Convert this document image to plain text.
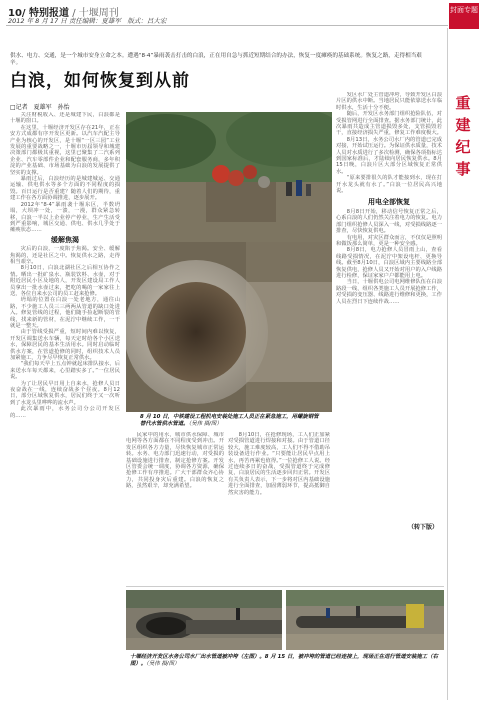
10/ 特别报道 / 十堰周刊
2012 年 8 月 17 日 责任编辑：夏雄军　版式：吕大宏
封面专题
供水、电力、交通，是一个城市安身立命之本。遭遇“8·4”暴雨袭击打击的白浪，正在用自急与抓近短期结合的办法，恢复一度瘫痪的基础系统。恢复之路，走得相当艰辛。
白浪，如何恢复到从前
重建纪事
□记者　夏雄军　孙怡

关注财税收入、还是城建下民，白浪都是十堰的窗口。

在这里，十堰经济开发区存在21年，正在安方式成都有序开发区更新。以汽车汽配主导产业为核心的开发区，是十堰“一区三园”工业发展的重要战略之一，十堰市历届领导和城建决策部门都极其重视，这里已聚集了二汽系列企业、汽车零部件企业和配套服务商，多年积淀的产业基础、市场基础为白浪的发展提供了坚实的支撑。

暴雨过后，白浪经历的是城建城运、交通运输、供电供水等多个方面的不同程度的损毁。百日运行是否重建？随着人们的期待，重建工作在各方面协调推进，逐步展开。

2012年“8·4”暴雨袭十堰东区，半数坍塌，大坝冲一处，一溃，一漫，群众紧急转移，白浪一半以上企业停产停业，生产生活受到严重影响，城区交通、供电、供水几乎处于瘫痪状态……

缓解焦渴

灾后的白浪，一度陷于焦渴。安全、缓解焦渴的，还是社区之中。恢复供水之路，走得相当艰辛。

8月10日，白浪北湖社区之后相互协作之情。晒出一批矿泉水、瓶装饮料、水壶，对于附近居民小区及地的人，开发区建设局工作人员拿出一批水壶过来，把吃的喝的一家家往上送，各位自来水公司的员工赶来抢修。

坍塌的位置在白浪一处老地方，通往山路，不少施工人员三三两两从管道的缺口处进入。修复管线的过程，他们随手捡起断裂的管线，找来新的管材，在泥泞中继续工作，一干就是一整天。

由于管线受损严重，短时间内难以恢复，开发区调集送水车辆，每天定时给各个小区送水，保障居民的基本生活用水。同时启动临时供水方案，在管道抢修的同时，组织技术人员加紧施工，力争尽早恢复正常供水。

“我们每天早上五点钟就起床排队接水，后来送水车每天都来，心里踏实多了。”一位居民说。

为了让居民早日用上自来水，抢修人员日夜奋战在一线，连续奋战多个昼夜。8月12日，部分区域恢复供水，居民们终于又一次听到了水龙头里哗哗的流水声。

此次暴雨中，水务公司分公司开发区的……	8 月 10 日，中铁建设工程机电安装处施工人员正在紧急施工，用螺旋钢管替代水管供水管道。（吴伟 摄/图）

发区水厂处主管道冲垮，导致开发区白浪片区的供水中断。当地居民只能依靠送水车临时供水，生活十分不便。

随后，开发区水务部门组织抢险队伍，对受损管网进行全面排查。据水务部门统计，此次暴雨共造成主管道损毁多处，支管损毁若干，直接经济损失严重，修复工作难度极大。

8月13日，水务公司水厂内的管道已完成对接，开始试压运行。为保证供水质量，技术人员对水质进行了多次检测，确保各项指标达到国家标准后，才陆续向居民恢复供水。8月15日晚，白浪片区大部分区域恢复正常供水。

“原来要排很久的队才能接到水，现在打开水龙头就有水了。”白浪一位居民高兴地说。

用电全部恢复

8月8日开始，移动信号恢复正常之后，心系白浪的人们仍然关注着电力的恢复。电力部门组织抢修人员深入一线，对受损线路逐一排查，尽快恢复供电。

有电用，对灾区群众而言，不仅仅是照明和做饭那么简单，更是一种安全感。

8月8日，电力抢修人员冒雨上山，查看线路受损情况，在泥泞中架设电杆、更换导线。截至8月10日，白浪区域内主要线路全部恢复供电，抢修人员又开始对用户的入户线路进行检修，保证家家户户都能用上电。

当日，十堰供电公司电网维修队伍在白浪路段一线，组织各类施工人员开展抢修工作，对受损的变压器、线路进行维修和更换，工作人员在烈日下连续作战……

（转下版）

民家中的用水，城市供水保障、城市电网等各方面都在不同程度受到冲击。开发区组织各方力量，尽快恢复城市正常运转。水务、电力部门迅速行动，对受损的基础设施进行排查，制定抢修方案。开发区管委会统一调度，协调各方资源，确保抢修工作有序推进。广大干部群众齐心协力，共同投身灾后重建。白浪的恢复之路，虽然艰辛，却充满希望。

8月10日，在抢修现场，工人们正加紧对受损管道进行焊接和对接。由于管道口径较大，施工难度较高，工人们不得不借助吊装设备进行作业。“只要能让居民早点用上水，再苦再累也值得。”一位抢修工人说。经过连续多日的奋战，受损管道终于完成修复，白浪居民的生活逐步回归正常。开发区有关负责人表示，下一步将对区内基础设施进行全面排查，加固薄弱环节，提高抵御自然灾害的能力。

十堰经济开发区水务公司水厂出水管道被冲垮（左图）。8 月 15 日，被冲垮的管道已经连接上，现场正在进行管道安装施工（右图）。（吴伟 摄/图）
